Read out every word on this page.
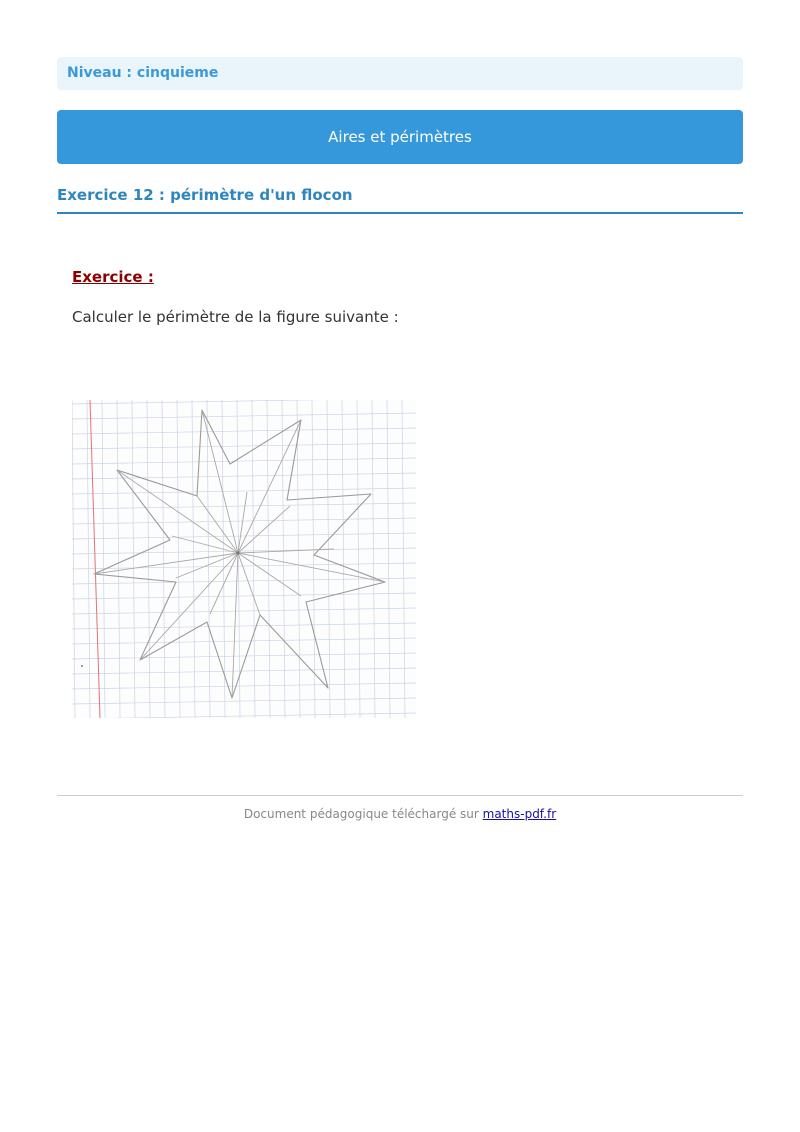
Niveau : cinquieme
Aires et périmètres
Exercice 12 : périmètre d'un flocon
Exercice :
Calculer le périmètre de la figure suivante :
Document pédagogique téléchargé sur maths-pdf.fr
